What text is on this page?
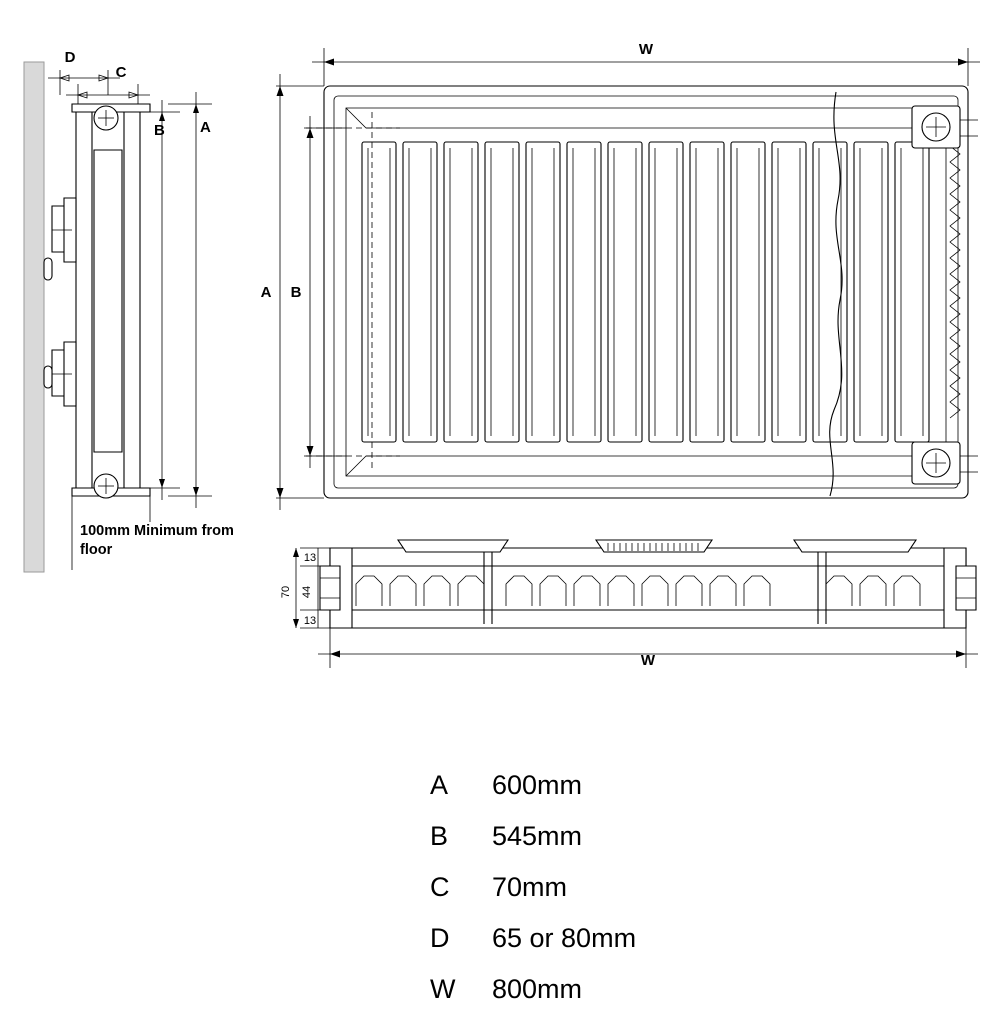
D
C
B A
W
A B
13
70 44
13
W
100mm Minimum from floor
A	600mm
B	545mm
C	70mm
D	65 or 80mm
W	800mm
